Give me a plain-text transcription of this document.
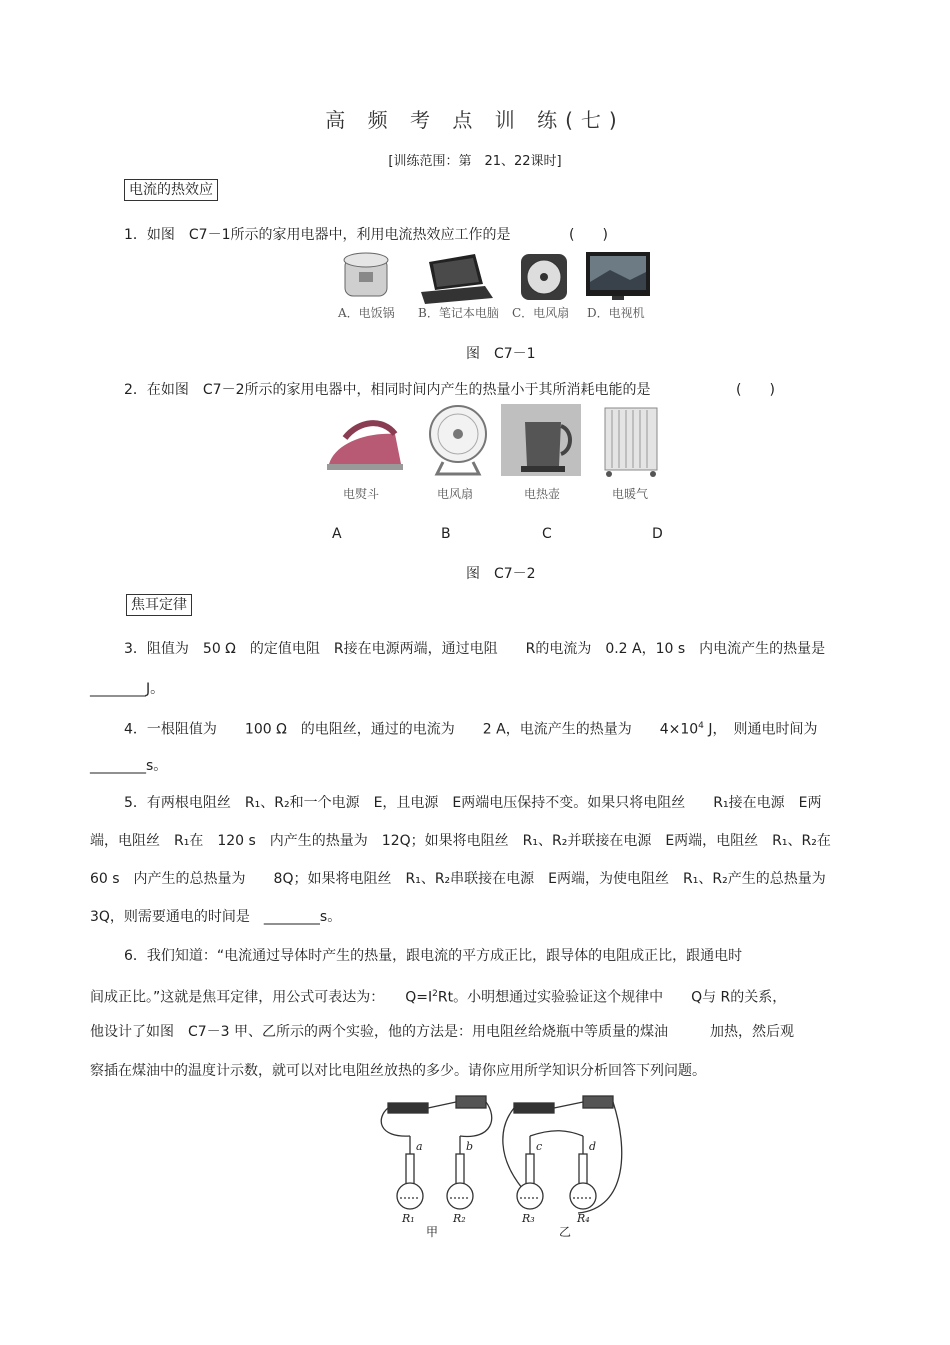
高 频 考 点 训 练(七)
[训练范围：第　21、22课时]
电流的热效应
1．如图　C7－1所示的家用电器中，利用电流热效应工作的是	(　　)
A．电饭锅 B．笔记本电脑 C．电风扇 D．电视机
图　C7－1
2．在如图　C7－2所示的家用电器中，相同时间内产生的热量小于其所消耗电能的是	(　　)
电熨斗	电风扇	电热壶	电暖气
A	B	C	D
图　C7－2
焦耳定律
3．阻值为　50 Ω　的定值电阻　R接在电源两端，通过电阻　　R的电流为　0.2 A，10 s　内电流产生的热量是
________J。
4．一根阻值为　　100 Ω　的电阻丝，通过的电流为　　2 A，电流产生的热量为　　$4\times 10^4$ J，　则通电时间为
________s。
5．有两根电阻丝　R₁、R₂和一个电源　E，且电源　E两端电压保持不变。如果只将电阻丝　　R₁接在电源　E两
端，电阻丝　R₁在　120 s　内产生的热量为　12Q；如果将电阻丝　R₁、R₂并联接在电源　E两端，电阻丝　R₁、R₂在
60 s　内产生的总热量为　　8Q；如果将电阻丝　R₁、R₂串联接在电源　E两端，为使电阻丝　R₁、R₂产生的总热量为
3Q，则需要通电的时间是　________s。
6．我们知道：“电流通过导体时产生的热量，跟电流的平方成正比，跟导体的电阻成正比，跟通电时
间成正比。”这就是焦耳定律，用公式可表达为：　　$Q=I^2Rt$。小明想通过实验验证这个规律中　　Q与 R的关系，
他设计了如图　C7－3 甲、乙所示的两个实验，他的方法是：用电阻丝给烧瓶中等质量的煤油　　　加热，然后观
察插在煤油中的温度计示数，就可以对比电阻丝放热的多少。请你应用所学知识分析回答下列问题。
a	b	c	d
R₁	R₂	R₃	R₄
甲	乙
